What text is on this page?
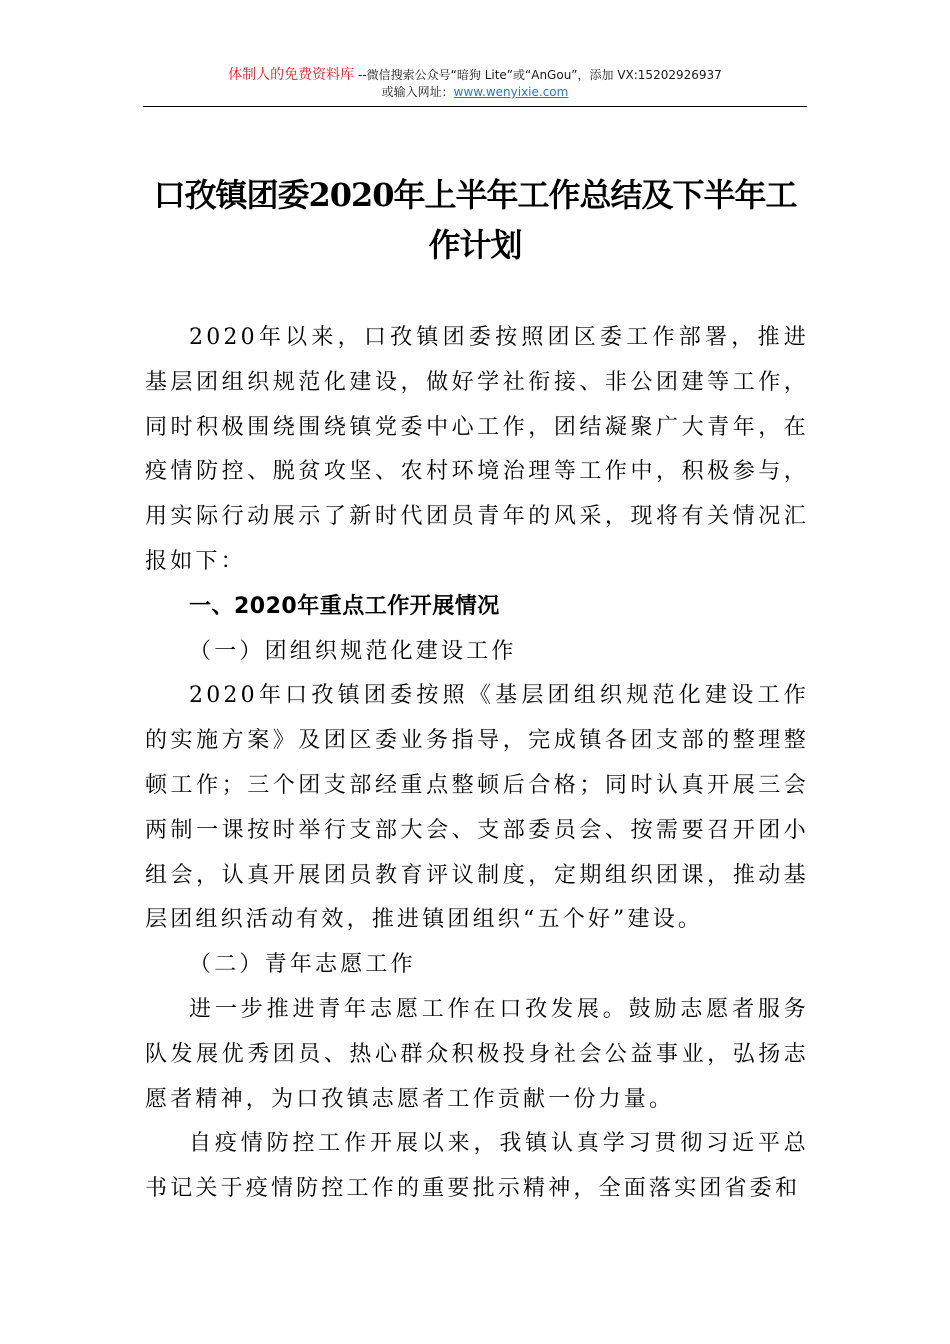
体制人的免费资料库 --微信搜索公众号“暗狗 Lite”或“AnGou”，添加 VX:15202926937
或输入网址：www.wenyixie.com
口孜镇团委2020年上半年工作总结及下半年工作计划

2020年以来，口孜镇团委按照团区委工作部署，推进基层团组织规范化建设，做好学社衔接、非公团建等工作，同时积极围绕围绕镇党委中心工作，团结凝聚广大青年，在疫情防控、脱贫攻坚、农村环境治理等工作中，积极参与，用实际行动展示了新时代团员青年的风采，现将有关情况汇报如下：

一、2020年重点工作开展情况
（一）团组织规范化建设工作

2020年口孜镇团委按照《基层团组织规范化建设工作的实施方案》及团区委业务指导，完成镇各团支部的整理整顿工作；三个团支部经重点整顿后合格；同时认真开展三会两制一课按时举行支部大会、支部委员会、按需要召开团小组会，认真开展团员教育评议制度，定期组织团课，推动基层团组织活动有效，推进镇团组织“五个好”建设。

（二）青年志愿工作

进一步推进青年志愿工作在口孜发展。鼓励志愿者服务队发展优秀团员、热心群众积极投身社会公益事业，弘扬志愿者精神，为口孜镇志愿者工作贡献一份力量。

自疫情防控工作开展以来，我镇认真学习贯彻习近平总书记关于疫情防控工作的重要批示精神，全面落实团省委和
